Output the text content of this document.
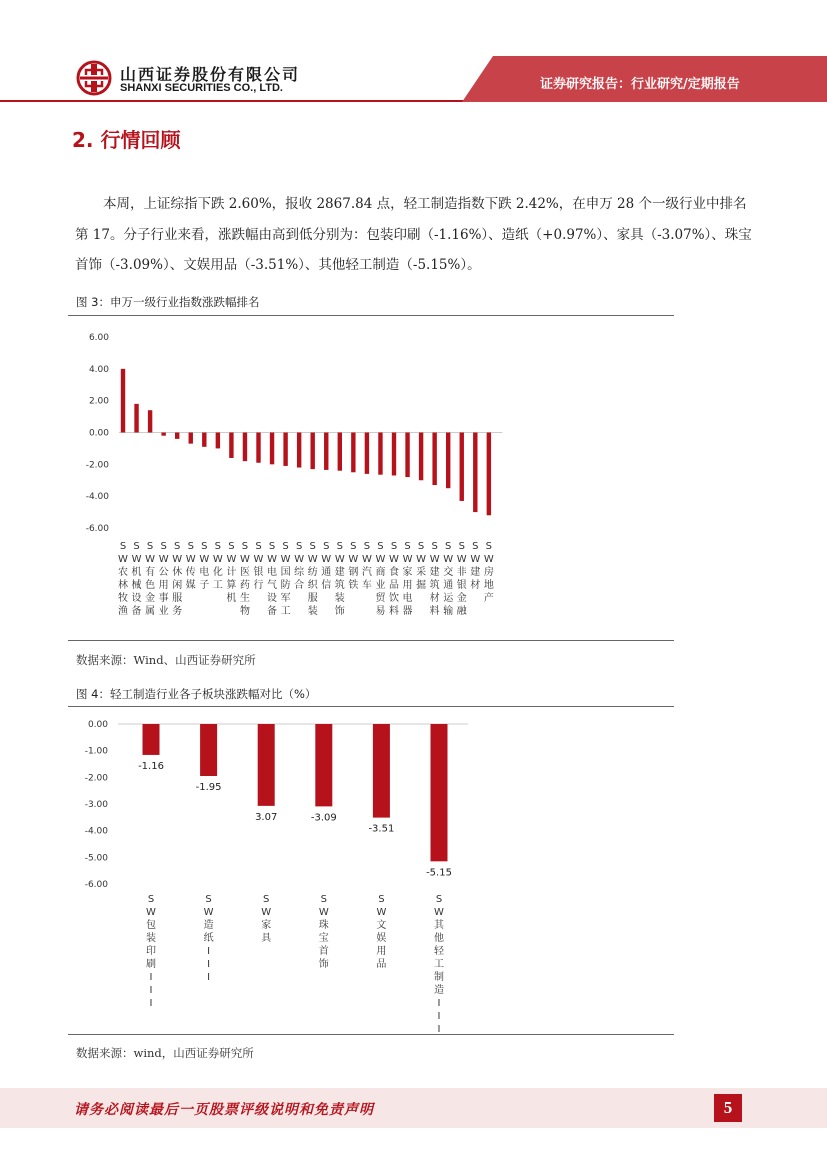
山西证券股份有限公司
SHANXI SECURITIES CO., LTD.	证券研究报告：行业研究/定期报告
2. 行情回顾
本周，上证综指下跌 2.60%，报收 2867.84 点，轻工制造指数下跌 2.42%，在申万 28 个一级行业中排名第 17。分子行业来看，涨跌幅由高到低分别为：包装印刷（-1.16%）、造纸（+0.97%）、家具（-3.07%）、珠宝首饰（-3.09%）、文娱用品（-3.51%）、其他轻工制造（-5.15%）。
图 3：申万一级行业指数涨跌幅排名
6.00
4.00
2.00
0.00
-2.00
-4.00
-6.00
S W 农林牧渔
S W 机械设备
S W 有色金属
S W 公用事业
S W 休闲服务
S W 传媒
S W 电子
S W 化工
S W 计算机
S W 医药生物
S W 银行
S W 电气设备
S W 国防军工
S W 综合
S W 纺织服装
S W 通信
S W 建筑装饰
S W 钢铁
S W 汽车
S W 商业贸易
S W 食品饮料
S W 家用电器
S W 采掘
S W 建筑材料
S W 交通运输
S W 非银金融
S W 建材
S W 房地产
数据来源：Wind、山西证券研究所
图 4：轻工制造行业各子板块涨跌幅对比（%）
0.00
-1.00
-2.00
-3.00
-4.00
-5.00
-6.00
-1.16
S W 包装印刷 I I I
-1.95
S W 造纸 I I I
3.07
S W 家具
-3.09
S W 珠宝首饰
-3.51
S W 文娱用品
-5.15
S W 其他轻工制造 I I I
数据来源：wind，山西证券研究所
请务必阅读最后一页股票评级说明和免责声明	5
